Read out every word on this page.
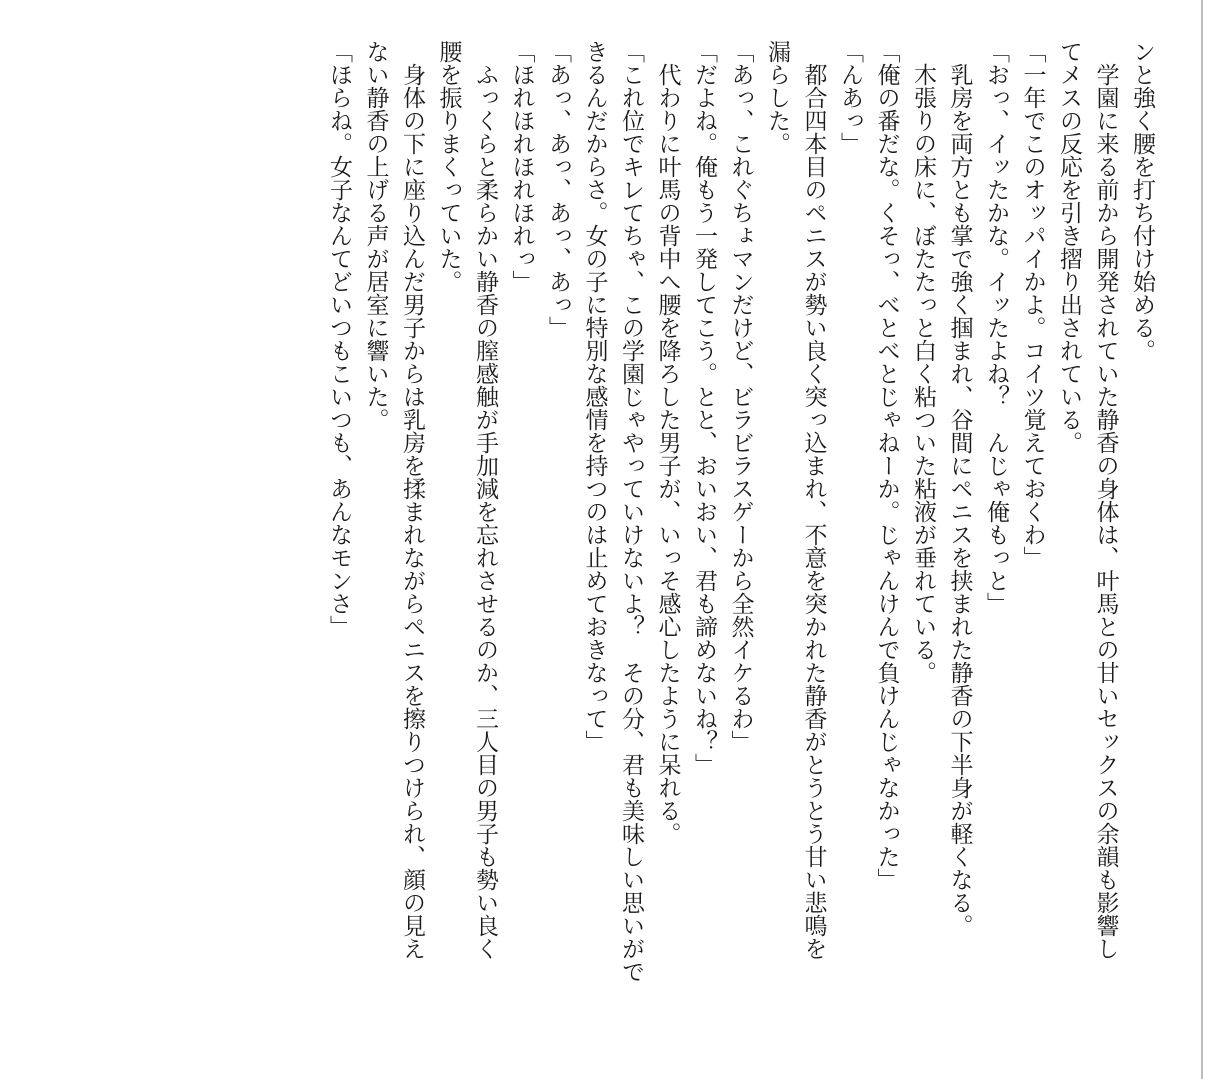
ンと強く腰を打ち付け始める。

学園に来る前から開発されていた静香の身体は、叶馬との甘いセックスの余韻も影響し

てメスの反応を引き摺り出されている。

「一年でこのオッパイかよ。コイツ覚えておくわ」

「おっ、イッたかな。イッたよね？　んじゃ俺もっと」

乳房を両方とも掌で強く掴まれ、谷間にペニスを挟まれた静香の下半身が軽くなる。

木張りの床に、ぼたたっと白く粘ついた粘液が垂れている。

「俺の番だな。くそっ、べとべとじゃねーか。じゃんけんで負けんじゃなかった」

「んあっ」

都合四本目のペニスが勢い良く突っ込まれ、不意を突かれた静香がとうとう甘い悲鳴を

漏らした。

「あっ、これぐちょマンだけど、ビラビラスゲーから全然イケるわ」

「だよね。俺もう一発してこう。とと、おいおい、君も諦めないね？」

代わりに叶馬の背中へ腰を降ろした男子が、いっそ感心したように呆れる。

「これ位でキレてちゃ、この学園じゃやっていけないよ？　その分、君も美味しい思いがで

きるんだからさ。女の子に特別な感情を持つのは止めておきなって」

「あっ、あっ、あっ、あっ」

「ほれほれほれほれっ」

ふっくらと柔らかい静香の膣感触が手加減を忘れさせるのか、三人目の男子も勢い良く

腰を振りまくっていた。

身体の下に座り込んだ男子からは乳房を揉まれながらペニスを擦りつけられ、顔の見え

ない静香の上げる声が居室に響いた。

「ほらね。女子なんてどいつもこいつも、あんなモンさ」
